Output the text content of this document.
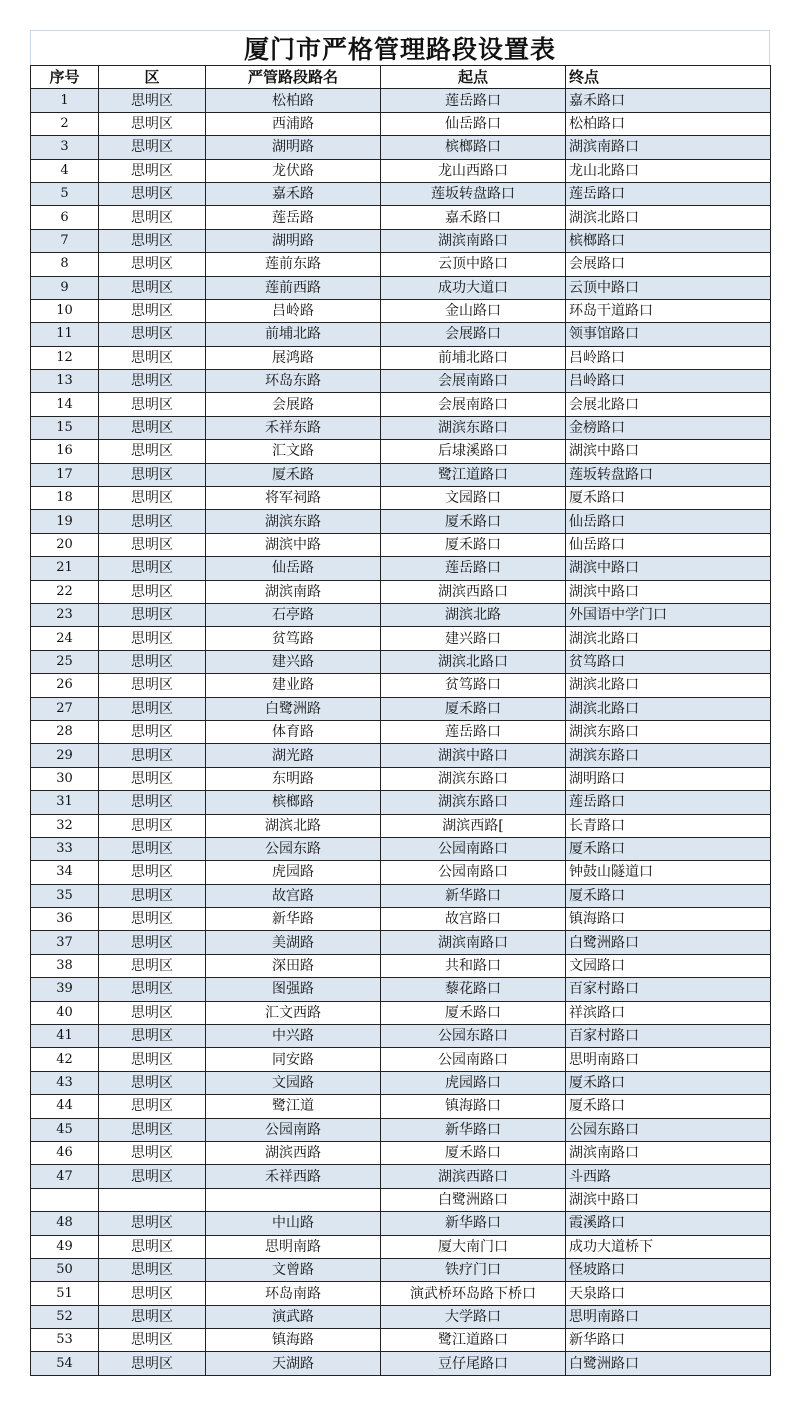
厦门市严格管理路段设置表
序号	区	严管路段路名	起点	终点
1	思明区	松柏路	莲岳路口	嘉禾路口
2	思明区	西浦路	仙岳路口	松柏路口
3	思明区	湖明路	槟榔路口	湖滨南路口
4	思明区	龙伏路	龙山西路口	龙山北路口
5	思明区	嘉禾路	莲坂转盘路口	莲岳路口
6	思明区	莲岳路	嘉禾路口	湖滨北路口
7	思明区	湖明路	湖滨南路口	槟榔路口
8	思明区	莲前东路	云顶中路口	会展路口
9	思明区	莲前西路	成功大道口	云顶中路口
10	思明区	吕岭路	金山路口	环岛干道路口
11	思明区	前埔北路	会展路口	领事馆路口
12	思明区	展鸿路	前埔北路口	吕岭路口
13	思明区	环岛东路	会展南路口	吕岭路口
14	思明区	会展路	会展南路口	会展北路口
15	思明区	禾祥东路	湖滨东路口	金榜路口
16	思明区	汇文路	后埭溪路口	湖滨中路口
17	思明区	厦禾路	鹭江道路口	莲坂转盘路口
18	思明区	将军祠路	文园路口	厦禾路口
19	思明区	湖滨东路	厦禾路口	仙岳路口
20	思明区	湖滨中路	厦禾路口	仙岳路口
21	思明区	仙岳路	莲岳路口	湖滨中路口
22	思明区	湖滨南路	湖滨西路口	湖滨中路口
23	思明区	石亭路	湖滨北路	外国语中学门口
24	思明区	贫笃路	建兴路口	湖滨北路口
25	思明区	建兴路	湖滨北路口	贫笃路口
26	思明区	建业路	贫笃路口	湖滨北路口
27	思明区	白鹭洲路	厦禾路口	湖滨北路口
28	思明区	体育路	莲岳路口	湖滨东路口
29	思明区	湖光路	湖滨中路口	湖滨东路口
30	思明区	东明路	湖滨东路口	湖明路口
31	思明区	槟榔路	湖滨东路口	莲岳路口
32	思明区	湖滨北路	湖滨西路[	长青路口
33	思明区	公园东路	公园南路口	厦禾路口
34	思明区	虎园路	公园南路口	钟鼓山隧道口
35	思明区	故宫路	新华路口	厦禾路口
36	思明区	新华路	故宫路口	镇海路口
37	思明区	美湖路	湖滨南路口	白鹭洲路口
38	思明区	深田路	共和路口	文园路口
39	思明区	图强路	藜花路口	百家村路口
40	思明区	汇文西路	厦禾路口	祥滨路口
41	思明区	中兴路	公园东路口	百家村路口
42	思明区	同安路	公园南路口	思明南路口
43	思明区	文园路	虎园路口	厦禾路口
44	思明区	鹭江道	镇海路口	厦禾路口
45	思明区	公园南路	新华路口	公园东路口
46	思明区	湖滨西路	厦禾路口	湖滨南路口
47	思明区	禾祥西路	湖滨西路口	斗西路
			白鹭洲路口	湖滨中路口
48	思明区	中山路	新华路口	霞溪路口
49	思明区	思明南路	厦大南门口	成功大道桥下
50	思明区	文曾路	铁疗门口	怪坡路口
51	思明区	环岛南路	演武桥环岛路下桥口	天泉路口
52	思明区	演武路	大学路口	思明南路口
53	思明区	镇海路	鹭江道路口	新华路口
54	思明区	天湖路	豆仔尾路口	白鹭洲路口
